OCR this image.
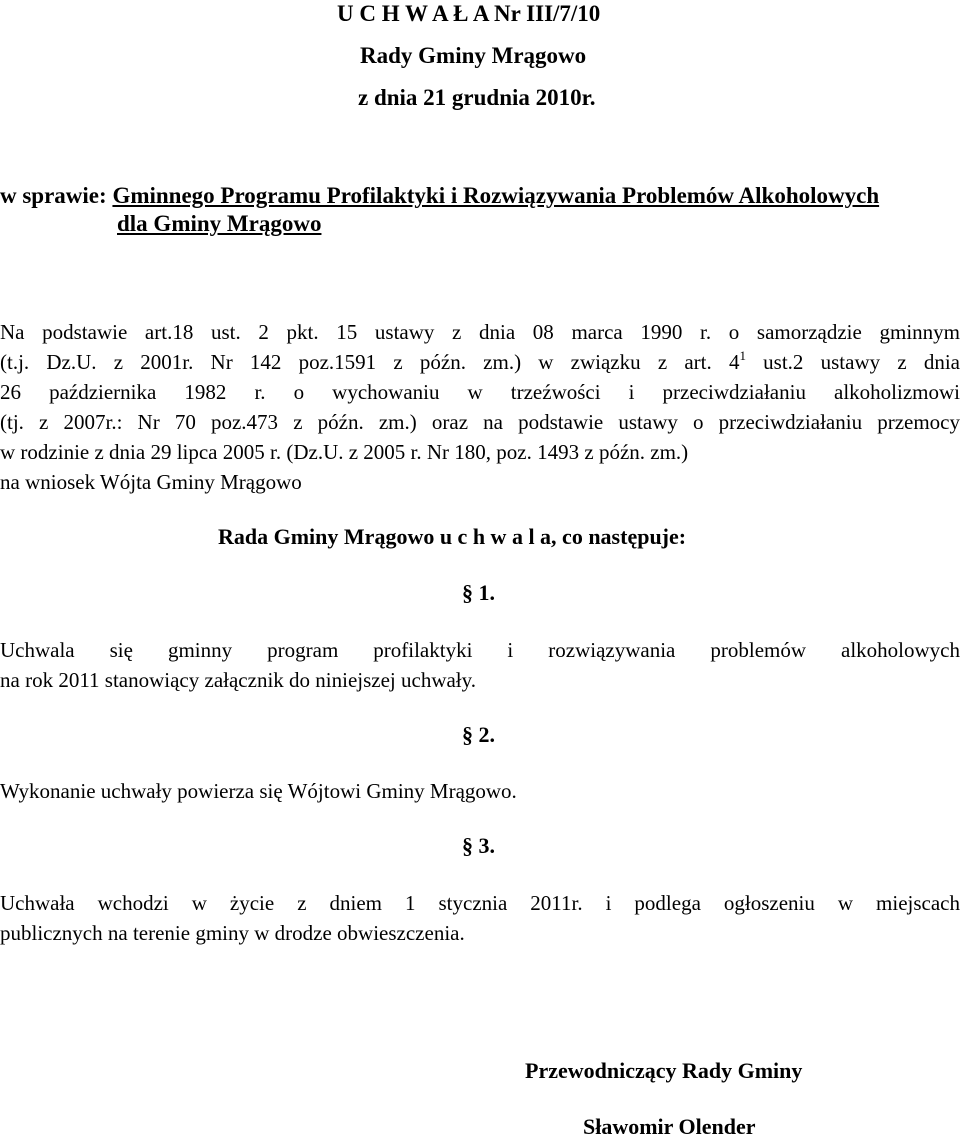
U C H W A Ł A Nr III/7/10
Rady Gminy Mrągowo
z dnia 21 grudnia 2010r.
w sprawie: Gminnego Programu Profilaktyki i Rozwiązywania Problemów Alkoholowych
dla Gminy Mrągowo
Na podstawie art.18 ust. 2 pkt. 15 ustawy z dnia 08 marca 1990 r. o samorządzie gminnym
(t.j. Dz.U. z 2001r. Nr 142 poz.1591 z późn. zm.) w związku z art. $4^1$ ust.2 ustawy z dnia
26 października 1982 r. o wychowaniu w trzeźwości i przeciwdziałaniu alkoholizmowi
(tj. z 2007r.: Nr 70 poz.473 z późn. zm.) oraz na podstawie ustawy o przeciwdziałaniu przemocy
w rodzinie z dnia 29 lipca 2005 r. (Dz.U. z 2005 r. Nr 180, poz. 1493 z późn. zm.)
na wniosek Wójta Gminy Mrągowo
Rada Gminy Mrągowo u c h w a l a, co następuje:
§ 1.
Uchwala się gminny program profilaktyki i rozwiązywania problemów alkoholowych
na rok 2011 stanowiący załącznik do niniejszej uchwały.
§ 2.
Wykonanie uchwały powierza się Wójtowi Gminy Mrągowo.
§ 3.
Uchwała wchodzi w życie z dniem 1 stycznia 2011r. i podlega ogłoszeniu w miejscach
publicznych na terenie gminy w drodze obwieszczenia.
Przewodniczący Rady Gminy
Sławomir Olender
